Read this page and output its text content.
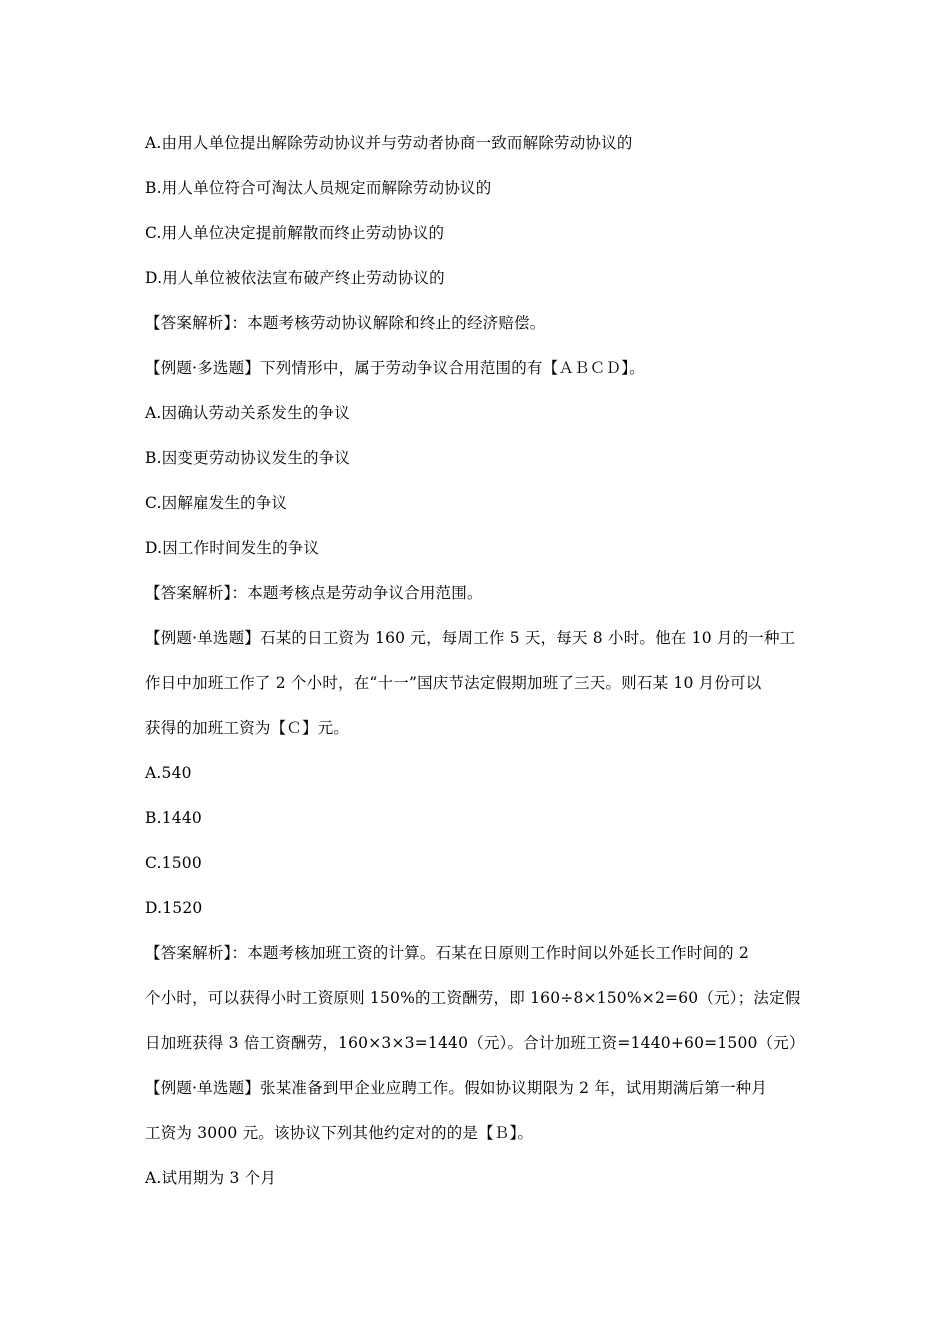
A.由用人单位提出解除劳动协议并与劳动者协商一致而解除劳动协议的
B.用人单位符合可淘汰人员规定而解除劳动协议的
C.用人单位决定提前解散而终止劳动协议的
D.用人单位被依法宣布破产终止劳动协议的
【答案解析】：本题考核劳动协议解除和终止的经济赔偿。
【例题·多选题】下列情形中，属于劳动争议合用范围的有【ＡＢＣＤ】。
A.因确认劳动关系发生的争议
B.因变更劳动协议发生的争议
C.因解雇发生的争议
D.因工作时间发生的争议
【答案解析】：本题考核点是劳动争议合用范围。
【例题·单选题】石某的日工资为 160 元，每周工作 5 天，每天 8 小时。他在 10 月的一种工
作日中加班工作了 2 个小时，在“十一”国庆节法定假期加班了三天。则石某 10 月份可以
获得的加班工资为【Ｃ】元。
A.540
B.1440
C.1500
D.1520
【答案解析】：本题考核加班工资的计算。石某在日原则工作时间以外延长工作时间的 2
个小时，可以获得小时工资原则 150%的工资酬劳，即 160÷8×150%×2=60（元）；法定假
日加班获得 3 倍工资酬劳，160×3×3=1440（元）。合计加班工资=1440+60=1500（元）
【例题·单选题】张某准备到甲企业应聘工作。假如协议期限为 2 年，试用期满后第一种月
工资为 3000 元。该协议下列其他约定对的的是【Ｂ】。
A.试用期为 3 个月
